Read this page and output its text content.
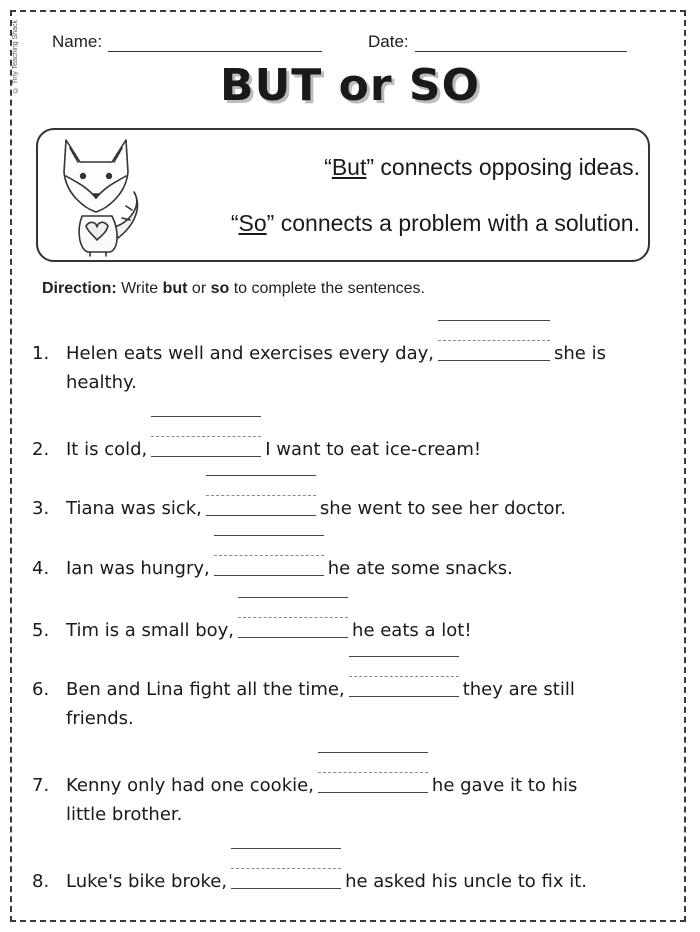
© Tiny Teaching Shack	Name:	Date:
BUT or SO
“But” connects opposing ideas.
“So” connects a problem with a solution.
Direction: Write but or so to complete the sentences.
1. Helen eats well and exercises every day,	she is
healthy.
2. It is cold,	I want to eat ice-cream!
3. Tiana was sick,	she went to see her doctor.
4. Ian was hungry,	he ate some snacks.
5. Tim is a small boy,	he eats a lot!
6. Ben and Lina fight all the time,	they are still
friends.
7. Kenny only had one cookie,	he gave it to his
little brother.
8. Luke's bike broke,	he asked his uncle to fix it.
